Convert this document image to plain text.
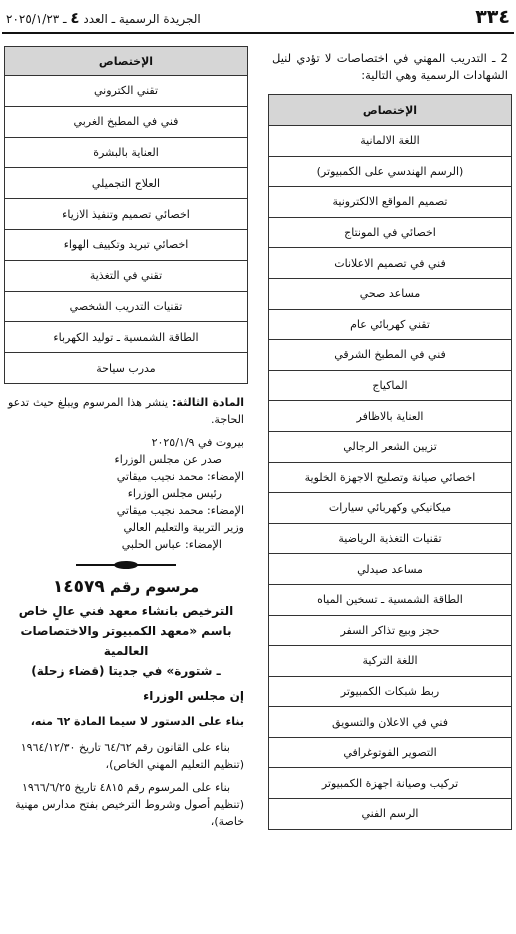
٣٣٤
الجريدة الرسمية ـ العدد ٤ ـ ٢٠٢٥/١/٢٣

2 ـ التدريب المهني في اختصاصات لا تؤدي لنيل الشهادات الرسمية وهي التالية:

الإختصاص
اللغة الالمانية
(الرسم الهندسي على الكمبيوتر)
تصميم المواقع الالكترونية
اخصائي في المونتاج
فني في تصميم الاعلانات
مساعد صحي
تقني كهربائي عام
فني في المطبخ الشرقي
الماكياج
العناية بالاظافر
تزيين الشعر الرجالي
اخصائي صيانة وتصليح الاجهزة الخلوية
ميكانيكي وكهربائي سيارات
تقنيات التغذية الرياضية
مساعد صيدلي
الطاقة الشمسية ـ تسخين المياه
حجز وبيع تذاكر السفر
اللغة التركية
ربط شبكات الكمبيوتر
فني في الاعلان والتسويق
التصوير الفوتوغرافي
تركيب وصيانة اجهزة الكمبيوتر
الرسم الفني
الإختصاص
تقني الكتروني
فني في المطبخ الغربي
العناية بالبشرة
العلاج التجميلي
اخصائي تصميم وتنفيذ الازياء
اخصائي تبريد وتكييف الهواء
تقني في التغذية
تقنيات التدريب الشخصي
الطاقة الشمسية ـ توليد الكهرباء
مدرب سياحة

المادة الثالثة: ينشر هذا المرسوم ويبلغ حيث تدعو الحاجة.

بيروت في ٢٠٢٥/١/٩

صدر عن مجلس الوزراء

الإمضاء: محمد نجيب ميقاتي

رئيس مجلس الوزراء

الإمضاء: محمد نجيب ميقاتي

وزير التربية والتعليم العالي

الإمضاء: عباس الحلبي

مرسوم رقم ١٤٥٧٩

الترخيص بانشاء معهد فني عالٍ خاص

باسم «معهد الكمبيوتر والاختصاصات العالمية

ـ شتورة» في جديتا (قضاء زحلة)

إن مجلس الوزراء

بناء على الدستور لا سيما المادة ٦٢ منه،

بناء على القانون رقم ٦٤/٦٢ تاريخ ١٩٦٤/١٢/٣٠

(تنظيم التعليم المهني الخاص)،

بناء على المرسوم رقم ٤٨١٥ تاريخ ١٩٦٦/٦/٢٥

(تنظيم أصول وشروط الترخيص بفتح مدارس مهنية خاصة)،
